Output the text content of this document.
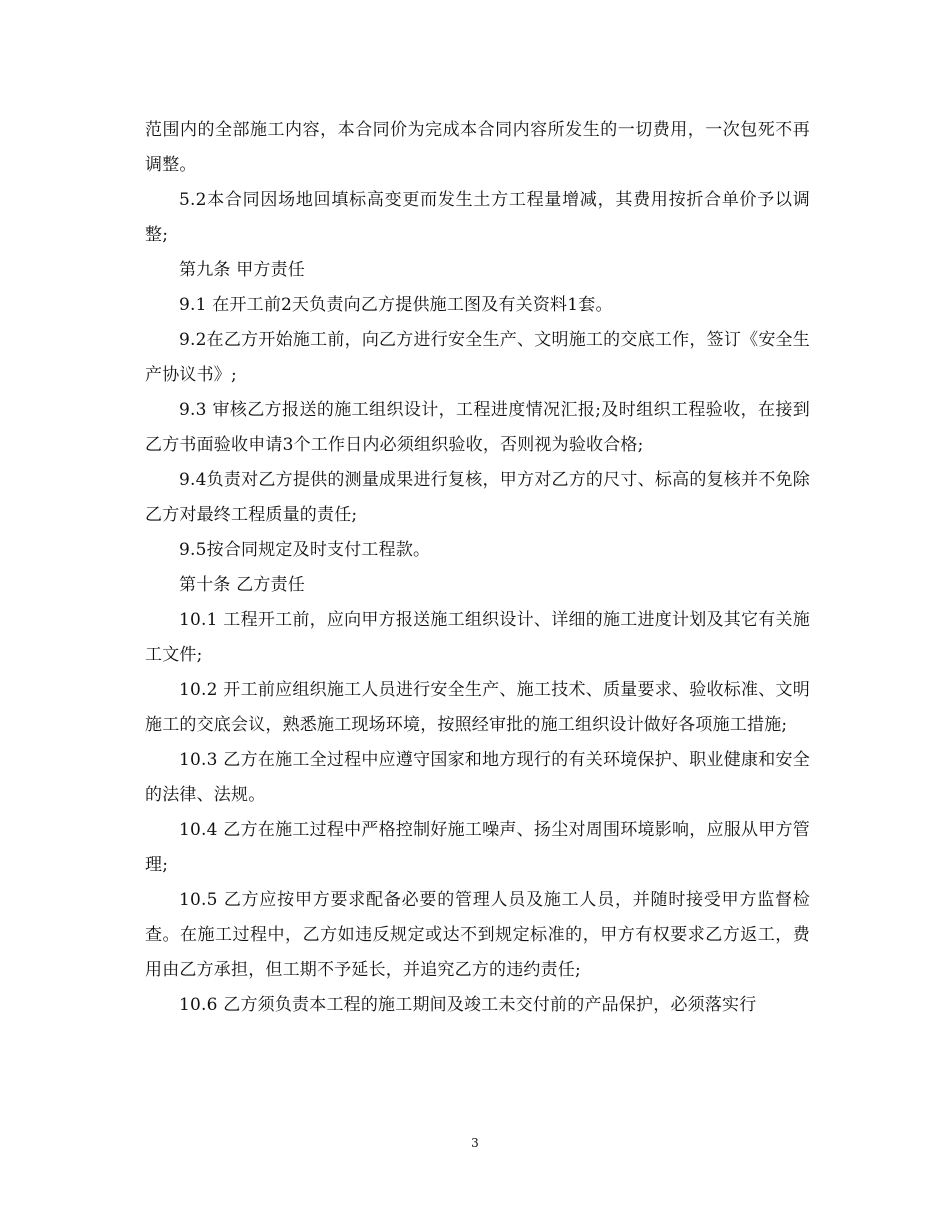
范围内的全部施工内容，本合同价为完成本合同内容所发生的一切费用，一次包死不再调整。

5.2本合同因场地回填标高变更而发生土方工程量增减，其费用按折合单价予以调整;

第九条 甲方责任

9.1 在开工前2天负责向乙方提供施工图及有关资料1套。

9.2在乙方开始施工前，向乙方进行安全生产、文明施工的交底工作，签订《安全生产协议书》;

9.3 审核乙方报送的施工组织设计，工程进度情况汇报;及时组织工程验收，在接到乙方书面验收申请3个工作日内必须组织验收，否则视为验收合格;

9.4负责对乙方提供的测量成果进行复核，甲方对乙方的尺寸、标高的复核并不免除乙方对最终工程质量的责任;

9.5按合同规定及时支付工程款。

第十条 乙方责任

10.1 工程开工前，应向甲方报送施工组织设计、详细的施工进度计划及其它有关施工文件;

10.2 开工前应组织施工人员进行安全生产、施工技术、质量要求、验收标准、文明施工的交底会议，熟悉施工现场环境，按照经审批的施工组织设计做好各项施工措施;

10.3 乙方在施工全过程中应遵守国家和地方现行的有关环境保护、职业健康和安全的法律、法规。

10.4 乙方在施工过程中严格控制好施工噪声、扬尘对周围环境影响，应服从甲方管理;

10.5 乙方应按甲方要求配备必要的管理人员及施工人员，并随时接受甲方监督检查。在施工过程中，乙方如违反规定或达不到规定标准的，甲方有权要求乙方返工，费用由乙方承担，但工期不予延长，并追究乙方的违约责任;

10.6 乙方须负责本工程的施工期间及竣工未交付前的产品保护，必须落实行

3
